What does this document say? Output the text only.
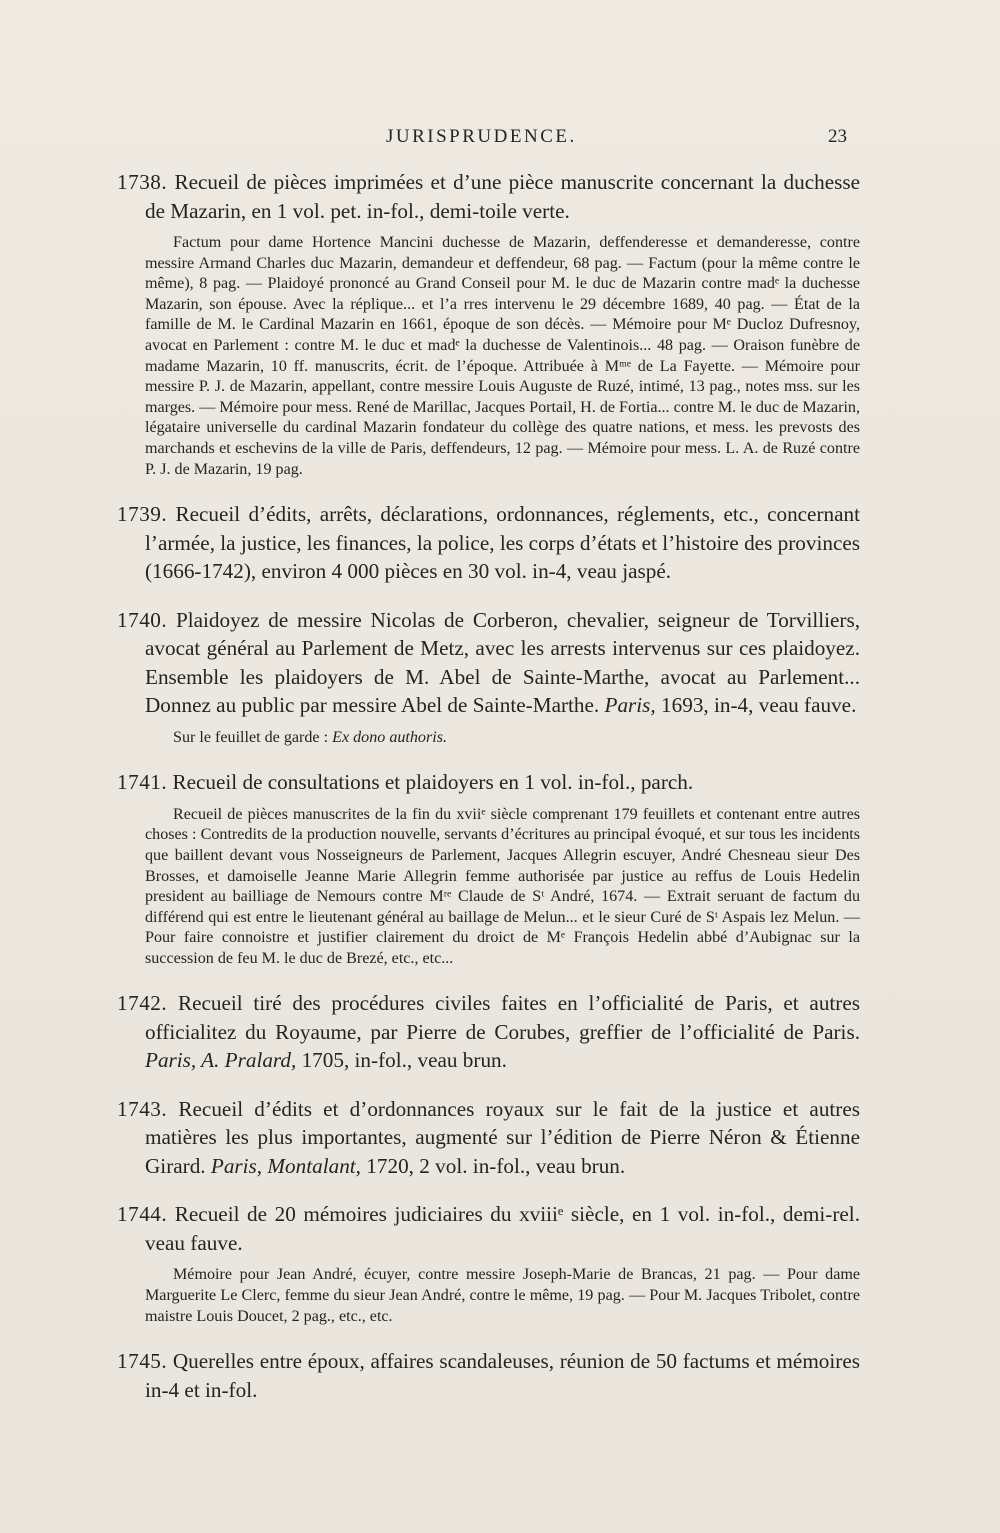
JURISPRUDENCE.	23

1738. Recueil de pièces imprimées et d’une pièce manuscrite concernant la duchesse de Mazarin, en 1 vol. pet. in-fol., demi-toile verte.

Factum pour dame Hortence Mancini duchesse de Mazarin, deffenderesse et demanderesse, contre messire Armand Charles duc Mazarin, demandeur et deffendeur, 68 pag. — Factum (pour la même contre le même), 8 pag. — Plaidoyé prononcé au Grand Conseil pour M. le duc de Mazarin contre madᵉ la duchesse Mazarin, son épouse. Avec la réplique... et l’a rres intervenu le 29 décembre 1689, 40 pag. — État de la famille de M. le Cardinal Mazarin en 1661, époque de son décès. — Mémoire pour Mᵉ Ducloz Dufresnoy, avocat en Parlement : contre M. le duc et madᵉ la duchesse de Valentinois... 48 pag. — Oraison funèbre de madame Mazarin, 10 ff. manuscrits, écrit. de l’époque. Attribuée à Mᵐᵉ de La Fayette. — Mémoire pour messire P. J. de Mazarin, appellant, contre messire Louis Auguste de Ruzé, intimé, 13 pag., notes mss. sur les marges. — Mémoire pour mess. René de Marillac, Jacques Portail, H. de Fortia... contre M. le duc de Mazarin, légataire universelle du cardinal Mazarin fondateur du collège des quatre nations, et mess. les prevosts des marchands et eschevins de la ville de Paris, deffendeurs, 12 pag. — Mémoire pour mess. L. A. de Ruzé contre P. J. de Mazarin, 19 pag.

1739. Recueil d’édits, arrêts, déclarations, ordonnances, réglements, etc., concernant l’armée, la justice, les finances, la police, les corps d’états et l’histoire des provinces (1666-1742), environ 4 000 pièces en 30 vol. in-4, veau jaspé.

1740. Plaidoyez de messire Nicolas de Corberon, chevalier, seigneur de Torvilliers, avocat général au Parlement de Metz, avec les arrests intervenus sur ces plaidoyez. Ensemble les plaidoyers de M. Abel de Sainte-Marthe, avocat au Parlement... Donnez au public par messire Abel de Sainte-Marthe. Paris, 1693, in-4, veau fauve.

Sur le feuillet de garde : Ex dono authoris.

1741. Recueil de consultations et plaidoyers en 1 vol. in-fol., parch.

Recueil de pièces manuscrites de la fin du xviiᵉ siècle comprenant 179 feuillets et contenant entre autres choses : Contredits de la production nouvelle, servants d’écritures au principal évoqué, et sur tous les incidents que baillent devant vous Nosseigneurs de Parlement, Jacques Allegrin escuyer, André Chesneau sieur Des Brosses, et damoiselle Jeanne Marie Allegrin femme authorisée par justice au reffus de Louis Hedelin president au bailliage de Nemours contre Mʳᵉ Claude de Sᵗ André, 1674. — Extrait seruant de factum du différend qui est entre le lieutenant général au baillage de Melun... et le sieur Curé de Sᵗ Aspais lez Melun. — Pour faire connoistre et justifier clairement du droict de Mᵉ François Hedelin abbé d’Aubignac sur la succession de feu M. le duc de Brezé, etc., etc...

1742. Recueil tiré des procédures civiles faites en l’officialité de Paris, et autres officialitez du Royaume, par Pierre de Corubes, greffier de l’officialité de Paris. Paris, A. Pralard, 1705, in-fol., veau brun.

1743. Recueil d’édits et d’ordonnances royaux sur le fait de la justice et autres matières les plus importantes, augmenté sur l’édition de Pierre Néron & Étienne Girard. Paris, Montalant, 1720, 2 vol. in-fol., veau brun.

1744. Recueil de 20 mémoires judiciaires du xviiiᵉ siècle, en 1 vol. in-fol., demi-rel. veau fauve.

Mémoire pour Jean André, écuyer, contre messire Joseph-Marie de Brancas, 21 pag. — Pour dame Marguerite Le Clerc, femme du sieur Jean André, contre le même, 19 pag. — Pour M. Jacques Tribolet, contre maistre Louis Doucet, 2 pag., etc., etc.

1745. Querelles entre époux, affaires scandaleuses, réunion de 50 factums et mémoires in-4 et in-fol.
